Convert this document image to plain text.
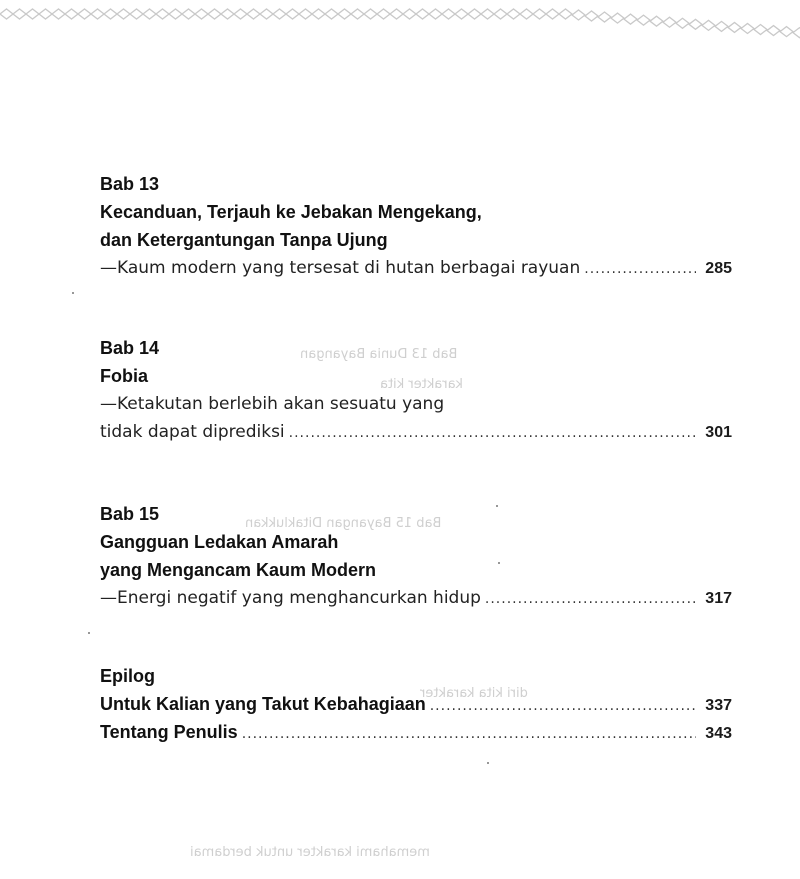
Bab 13 Dunia Bayangan
karakter kita
Bab 15 Bayangan Ditaklukkan
diri kita karakter
memahami karakter untuk berdamai
Bab 13
Kecanduan, Terjauh ke Jebakan Mengekang,
dan Ketergantungan Tanpa Ujung
—Kaum modern yang tersesat di hutan berbagai rayuan .....	285
Bab 14
Fobia
—Ketakutan berlebih akan sesuatu yang
tidak dapat diprediksi .....	301
Bab 15
Gangguan Ledakan Amarah
yang Mengancam Kaum Modern
—Energi negatif yang menghancurkan hidup .....	317
Epilog
Untuk Kalian yang Takut Kebahagiaan .....	337
Tentang Penulis .....	343
